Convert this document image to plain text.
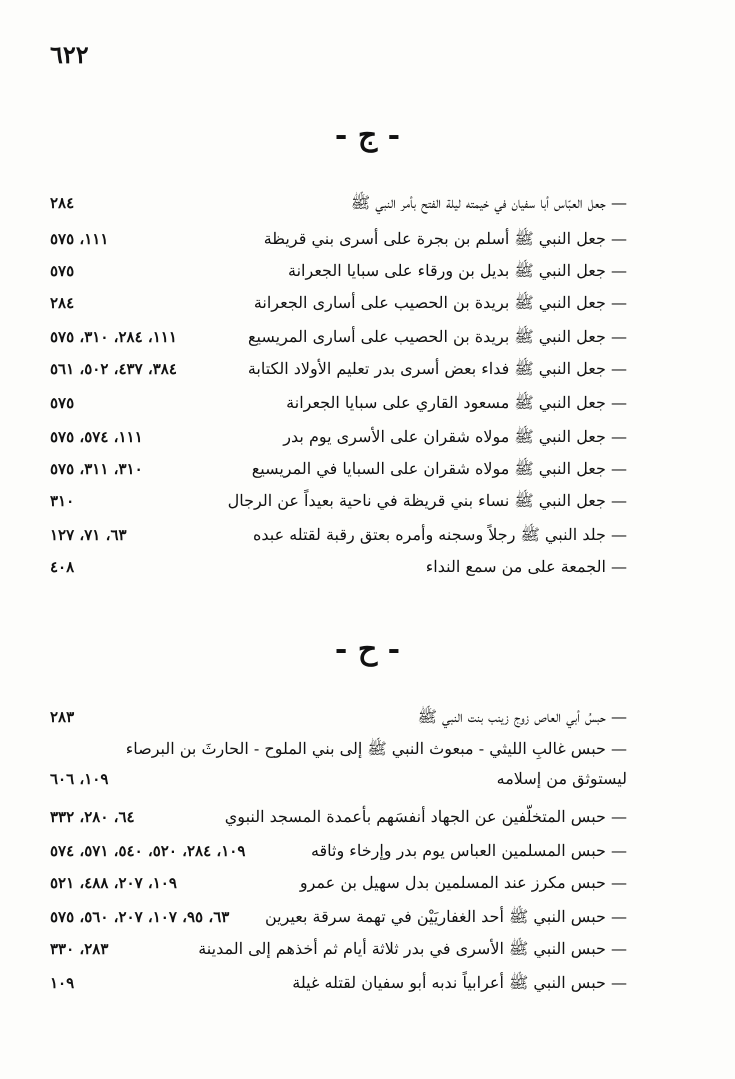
٦٢٢
- ج -
— جعل العبّاس أبا سفيان في خيمته ليلة الفتح بأمر النبي ﷺ
٢٨٤
— جعل النبي ﷺ أسلم بن بجرة على أسرى بني قريظة
١١١، ٥٧٥
— جعل النبي ﷺ بديل بن ورقاء على سبايا الجعرانة
٥٧٥
— جعل النبي ﷺ بريدة بن الحصيب على أسارى الجعرانة
٢٨٤
— جعل النبي ﷺ بريدة بن الحصيب على أسارى المريسيع
١١١، ٢٨٤، ٣١٠، ٥٧٥
— جعل النبي ﷺ فداء بعض أسرى بدر تعليم الأولاد الكتابة
٣٨٤، ٤٣٧، ٥٠٢، ٥٦١
— جعل النبي ﷺ مسعود القاري على سبايا الجعرانة
٥٧٥
— جعل النبي ﷺ مولاه شقران على الأسرى يوم بدر
١١١، ٥٧٤، ٥٧٥
— جعل النبي ﷺ مولاه شقران على السبايا في المريسيع
٣١٠، ٣١١، ٥٧٥
— جعل النبي ﷺ نساء بني قريظة في ناحية بعيداً عن الرجال
٣١٠
— جلد النبي ﷺ رجلاً وسجنه وأمره بعتق رقبة لقتله عبده
٦٣، ٧١، ١٢٧
— الجمعة على من سمع النداء
٤٠٨
- ح -
— حبسُ أبي العاص زوج زينب بنت النبي ﷺ
٢٨٣
— حبس غالبِ الليثي - مبعوث النبي ﷺ إلى بني الملوح - الحارثَ بن البرصاء
ليستوثق من إسلامه
١٠٩، ٦٠٦
— حبس المتخلّفين عن الجهاد أنفسَهم بأعمدة المسجد النبوي
٦٤، ٢٨٠، ٣٣٢
— حبس المسلمين العباس يوم بدر وإرخاء وثاقه
١٠٩، ٢٨٤، ٥٢٠، ٥٤٠، ٥٧١، ٥٧٤
— حبس مكرز عند المسلمين بدل سهيل بن عمرو
١٠٩، ٢٠٧، ٤٨٨، ٥٢١
— حبس النبي ﷺ أحد الغفاريَيْن في تهمة سرقة بعيرين
٦٣، ٩٥، ١٠٧، ٢٠٧، ٥٦٠، ٥٧٥
— حبس النبي ﷺ الأسرى في بدر ثلاثة أيام ثم أخذهم إلى المدينة
٢٨٣، ٣٣٠
— حبس النبي ﷺ أعرابياً ندبه أبو سفيان لقتله غيلة
١٠٩
